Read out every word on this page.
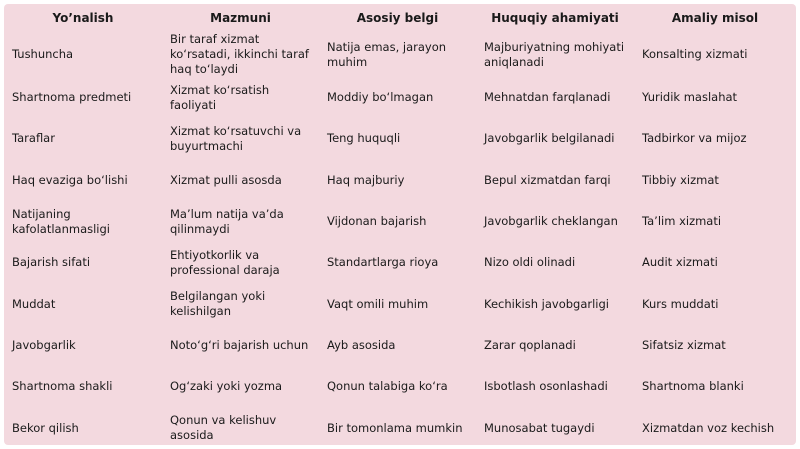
Yo’nalish	Mazmuni	Asosiy belgi	Huquqiy ahamiyati	Amaliy misol
Tushuncha	Bir taraf xizmat ko‘rsatadi, ikkinchi taraf haq to‘laydi	Natija emas, jarayon muhim	Majburiyatning mohiyati aniqlanadi	Konsalting xizmati
Shartnoma predmeti	Xizmat ko‘rsatish faoliyati	Moddiy bo‘lmagan	Mehnatdan farqlanadi	Yuridik maslahat
Taraflar	Xizmat ko‘rsatuvchi va buyurtmachi	Teng huquqli	Javobgarlik belgilanadi	Tadbirkor va mijoz
Haq evaziga bo‘lishi	Xizmat pulli asosda	Haq majburiy	Bepul xizmatdan farqi	Tibbiy xizmat
Natijaning kafolatlanmasligi	Ma’lum natija va’da qilinmaydi	Vijdonan bajarish	Javobgarlik cheklangan	Ta’lim xizmati
Bajarish sifati	Ehtiyotkorlik va professional daraja	Standartlarga rioya	Nizo oldi olinadi	Audit xizmati
Muddat	Belgilangan yoki kelishilgan	Vaqt omili muhim	Kechikish javobgarligi	Kurs muddati
Javobgarlik	Noto‘g‘ri bajarish uchun	Ayb asosida	Zarar qoplanadi	Sifatsiz xizmat
Shartnoma shakli	Og‘zaki yoki yozma	Qonun talabiga ko‘ra	Isbotlash osonlashadi	Shartnoma blanki
Bekor qilish	Qonun va kelishuv asosida	Bir tomonlama mumkin	Munosabat tugaydi	Xizmatdan voz kechish
